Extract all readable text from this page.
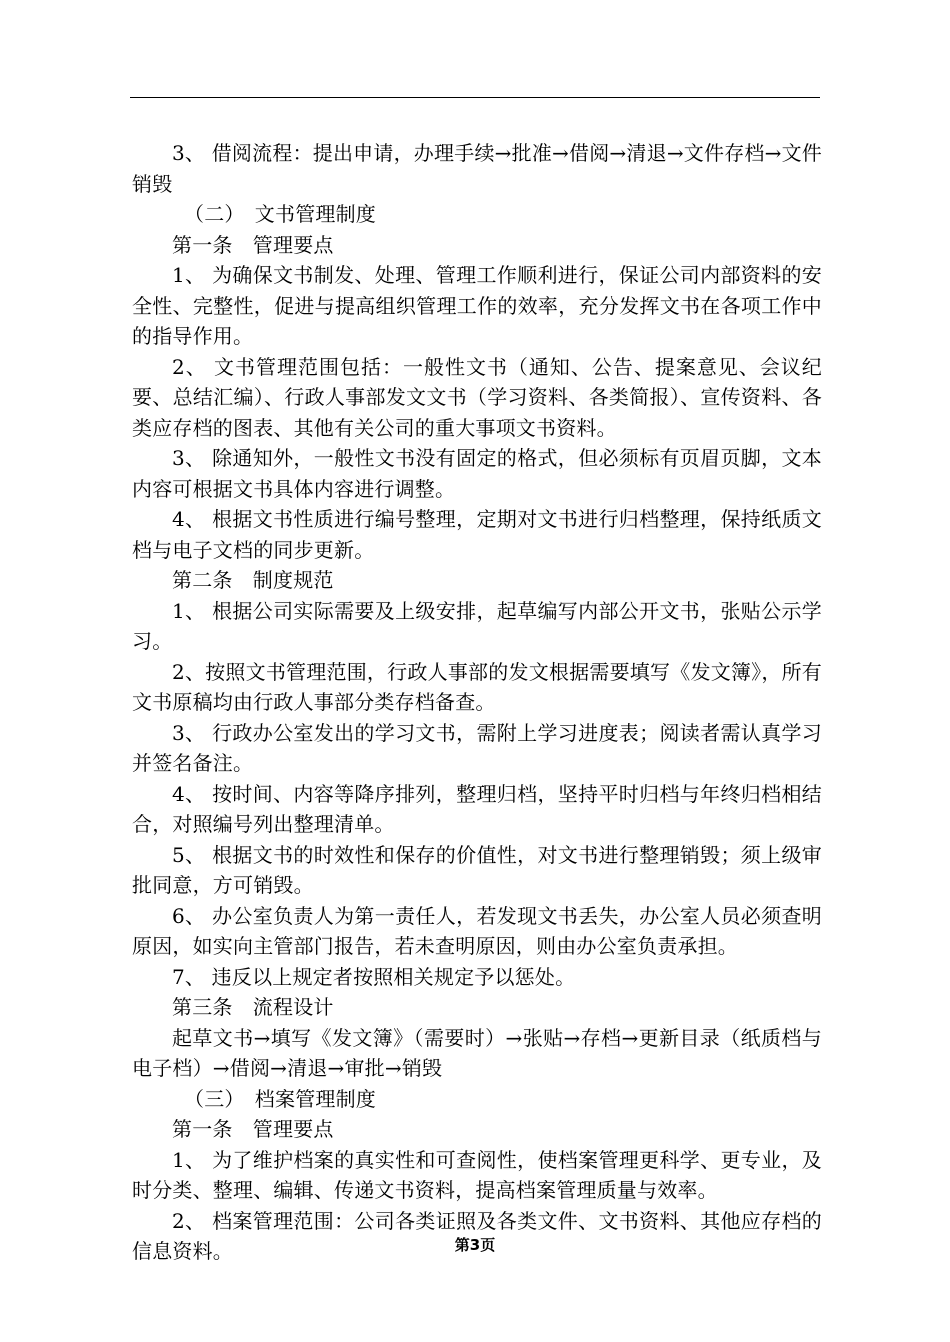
3、 借阅流程：提出申请，办理手续→批准→借阅→清退→文件存档→文件销毁

（二）　文书管理制度

第一条　管理要点

1、 为确保文书制发、处理、管理工作顺利进行，保证公司内部资料的安全性、完整性，促进与提高组织管理工作的效率，充分发挥文书在各项工作中的指导作用。

2、 文书管理范围包括：一般性文书（通知、公告、提案意见、会议纪要、总结汇编）、行政人事部发文文书（学习资料、各类简报）、宣传资料、各类应存档的图表、其他有关公司的重大事项文书资料。

3、 除通知外，一般性文书没有固定的格式，但必须标有页眉页脚，文本内容可根据文书具体内容进行调整。

4、 根据文书性质进行编号整理，定期对文书进行归档整理，保持纸质文档与电子文档的同步更新。

第二条　制度规范

1、 根据公司实际需要及上级安排，起草编写内部公开文书，张贴公示学习。

2、按照文书管理范围，行政人事部的发文根据需要填写《发文簿》，所有文书原稿均由行政人事部分类存档备查。

3、 行政办公室发出的学习文书，需附上学习进度表；阅读者需认真学习并签名备注。

4、 按时间、内容等降序排列，整理归档，坚持平时归档与年终归档相结合，对照编号列出整理清单。

5、 根据文书的时效性和保存的价值性，对文书进行整理销毁；须上级审批同意，方可销毁。

6、 办公室负责人为第一责任人，若发现文书丢失，办公室人员必须查明原因，如实向主管部门报告，若未查明原因，则由办公室负责承担。

7、 违反以上规定者按照相关规定予以惩处。

第三条　流程设计

起草文书→填写《发文簿》（需要时）→张贴→存档→更新目录（纸质档与电子档）→借阅→清退→审批→销毁

（三）　档案管理制度

第一条　管理要点

1、 为了维护档案的真实性和可查阅性，使档案管理更科学、更专业，及时分类、整理、编辑、传递文书资料，提高档案管理质量与效率。

2、 档案管理范围：公司各类证照及各类文件、文书资料、其他应存档的信息资料。	第3页
